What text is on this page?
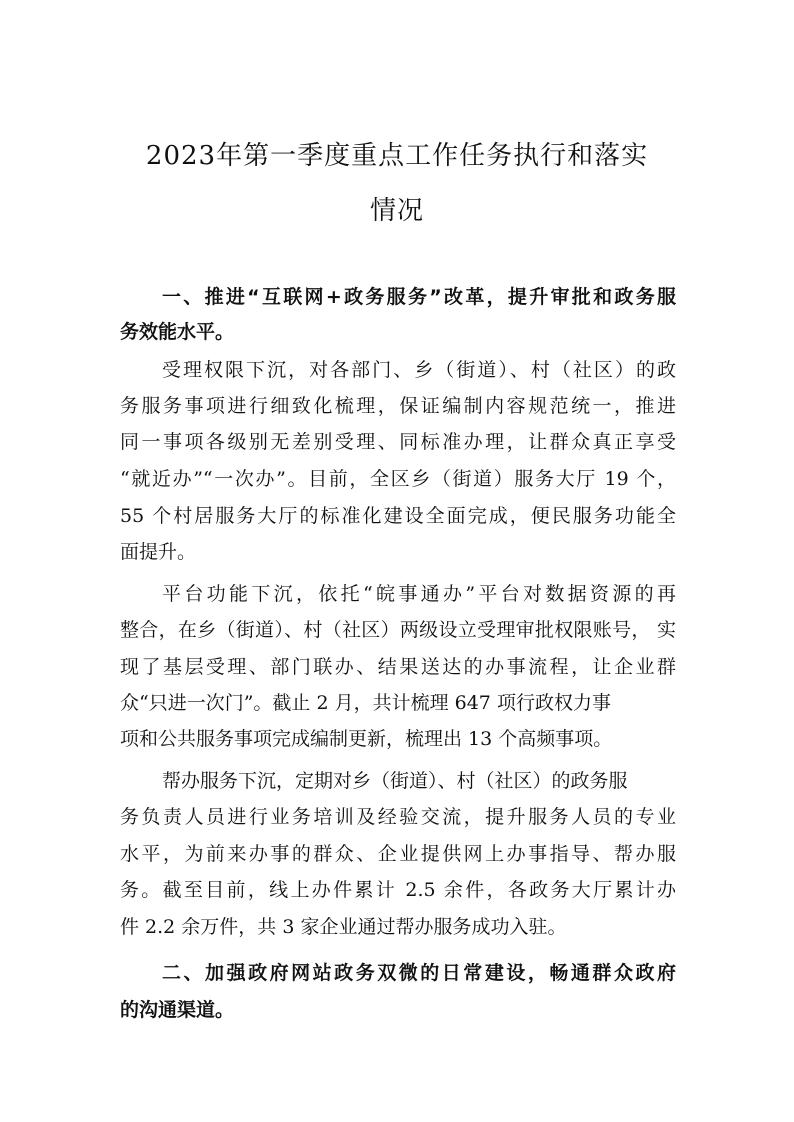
2023年第一季度重点工作任务执行和落实
情况
一、推进“互联网+政务服务”改革，提升审批和政务服
务效能水平。
受理权限下沉，对各部门、乡（街道）、村（社区）的政
务服务事项进行细致化梳理，保证编制内容规范统一，推进
同一事项各级别无差别受理、同标准办理，让群众真正享受
“就近办”“一次办”。目前，全区乡（街道）服务大厅 19 个，
55 个村居服务大厅的标准化建设全面完成，便民服务功能全
面提升。
平台功能下沉，依托“皖事通办”平台对数据资源的再
整合，在乡（街道）、村（社区）两级设立受理审批权限账号， 实
现了基层受理、部门联办、结果送达的办事流程，让企业群
众“只进一次门”。截止 2 月，共计梳理 647 项行政权力事
项和公共服务事项完成编制更新，梳理出 13 个高频事项。
帮办服务下沉，定期对乡（街道）、村（社区）的政务服
务负责人员进行业务培训及经验交流，提升服务人员的专业
水平，为前来办事的群众、企业提供网上办事指导、帮办服
务。截至目前，线上办件累计 2.5 余件，各政务大厅累计办
件 2.2 余万件，共 3 家企业通过帮办服务成功入驻。
二、加强政府网站政务双微的日常建设，畅通群众政府
的沟通渠道。
